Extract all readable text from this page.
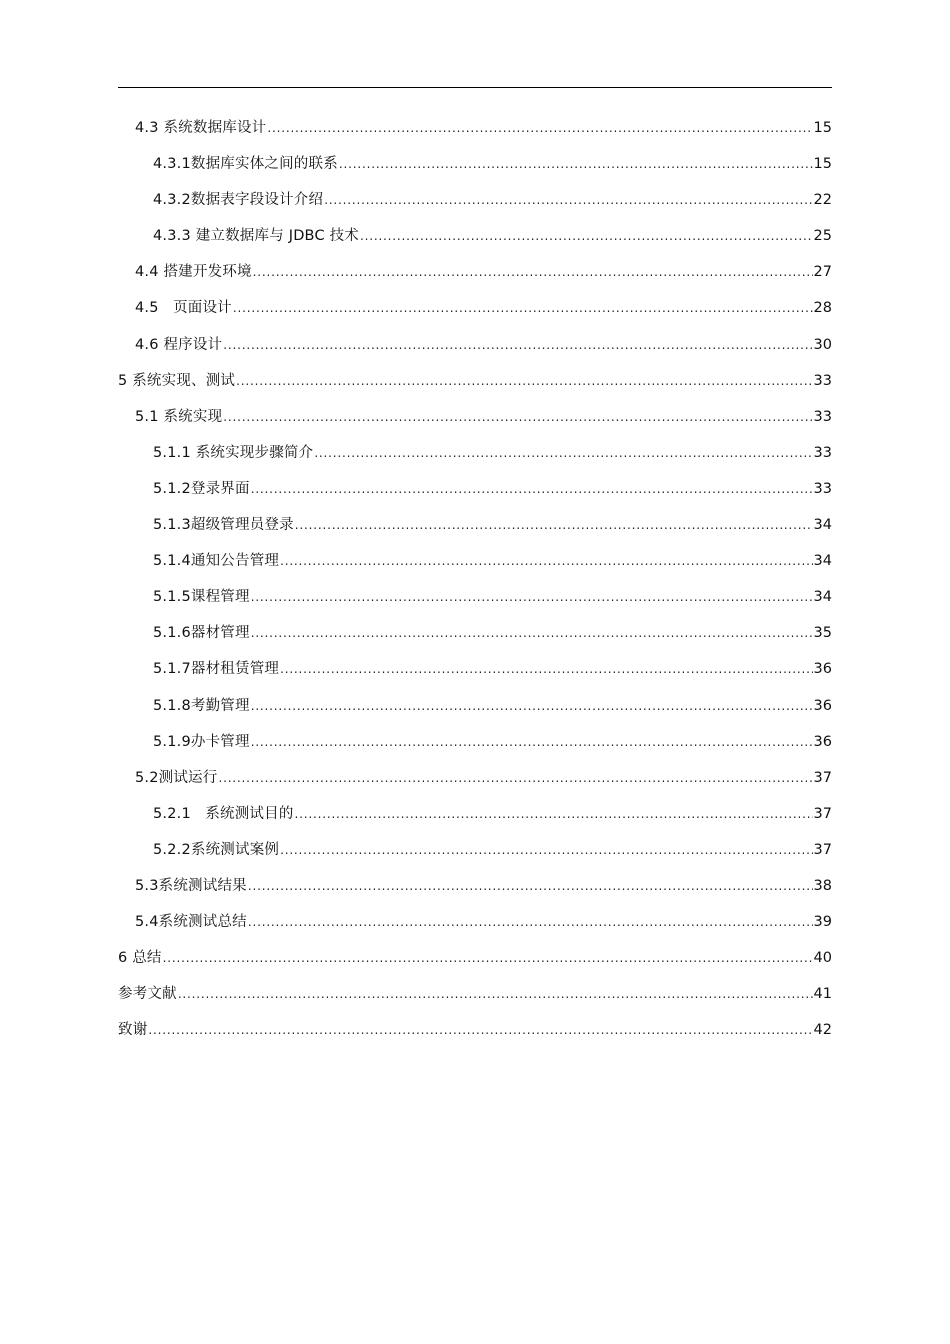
4.3 系统数据库设计 .....	15
4.3.1数据库实体之间的联系 .....	15
4.3.2数据表字段设计介绍 .....	22
4.3.3 建立数据库与 JDBC 技术 .....	25
4.4 搭建开发环境 .....	27
4.5   页面设计 .....	28
4.6 程序设计 .....	30
5 系统实现、测试 .....	33
5.1 系统实现 .....	33
5.1.1 系统实现步骤简介 .....	33
5.1.2登录界面 .....	33
5.1.3超级管理员登录 .....	34
5.1.4通知公告管理 .....	34
5.1.5课程管理 .....	34
5.1.6器材管理 .....	35
5.1.7器材租赁管理 .....	36
5.1.8考勤管理 .....	36
5.1.9办卡管理 .....	36
5.2测试运行 .....	37
5.2.1   系统测试目的 .....	37
5.2.2系统测试案例 .....	37
5.3系统测试结果 .....	38
5.4系统测试总结 .....	39
6 总结 .....	40
参考文献 .....	41
致谢 .....	42
